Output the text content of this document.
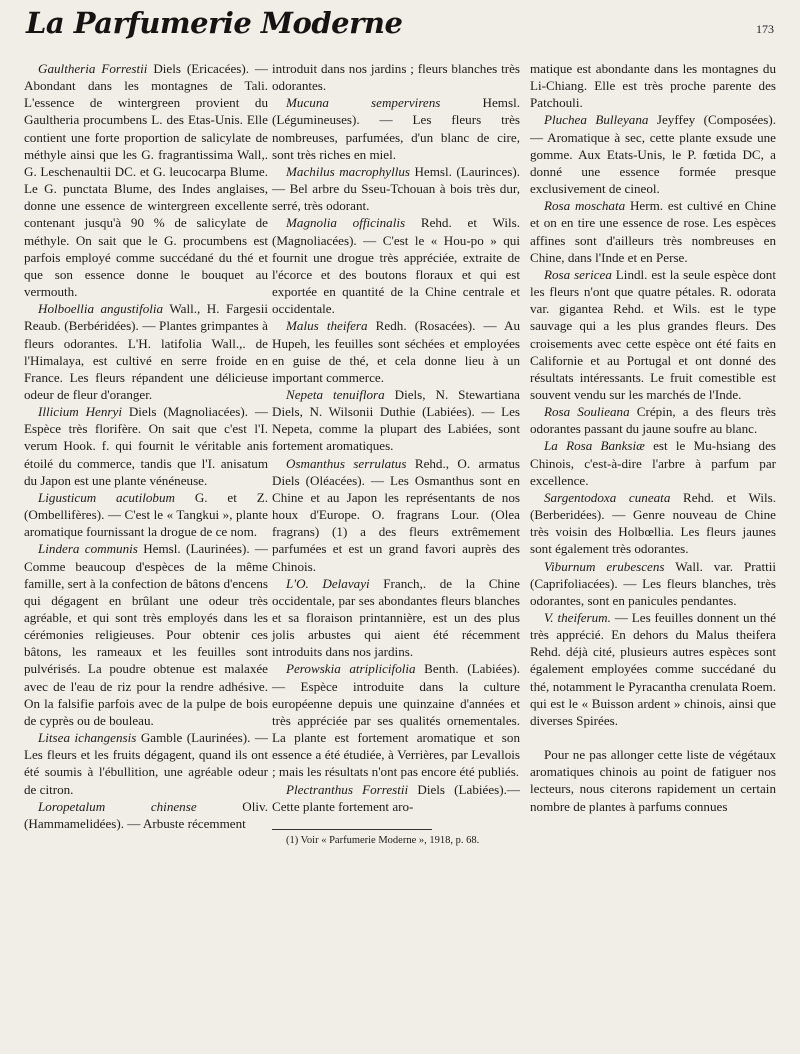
La Parfumerie Moderne	173

Gaultheria Forrestii Diels (Ericacées). — Abondant dans les montagnes de Tali. L'essence de wintergreen provient du Gaultheria procumbens L. des Etas-Unis. Elle contient une forte proportion de salicylate de méthyle ainsi que les G. fragrantissima Wall,. G. Leschenaultii DC. et G. leucocarpa Blume. Le G. punctata Blume, des Indes anglaises, donne une essence de wintergreen excellente contenant jusqu'à 90 % de salicylate de méthyle. On sait que le G. procumbens est parfois employé comme succédané du thé et que son essence donne le bouquet au vermouth.

Holboellia angustifolia Wall., H. Fargesii Reaub. (Berbéridées). — Plantes grimpantes à fleurs odorantes. L'H. latifolia Wall.,. de l'Himalaya, est cultivé en serre froide en France. Les fleurs répandent une délicieuse odeur de fleur d'oranger.

Illicium Henryi Diels (Magnoliacées). — Espèce très florifère. On sait que c'est l'I. verum Hook. f. qui fournit le véritable anis étoilé du commerce, tandis que l'I. anisatum du Japon est une plante vénéneuse.

Ligusticum acutilobum G. et Z. (Ombellifères). — C'est le « Tangkui », plante aromatique fournissant la drogue de ce nom.

Lindera communis Hemsl. (Laurinées). — Comme beaucoup d'espèces de la même famille, sert à la confection de bâtons d'encens qui dégagent en brûlant une odeur très agréable, et qui sont très employés dans les cérémonies religieuses. Pour obtenir ces bâtons, les rameaux et les feuilles sont pulvérisés. La poudre obtenue est malaxée avec de l'eau de riz pour la rendre adhésive. On la falsifie parfois avec de la pulpe de bois de cyprès ou de bouleau.

Litsea ichangensis Gamble (Laurinées). — Les fleurs et les fruits dégagent, quand ils ont été soumis à l'ébullition, une agréable odeur de citron.

Loropetalum chinense Oliv. (Hammamelidées). — Arbuste récemment

introduit dans nos jardins ; fleurs blanches très odorantes.

Mucuna sempervirens Hemsl. (Légumineuses). — Les fleurs très nombreuses, parfumées, d'un blanc de cire, sont très riches en miel.

Machilus macrophyllus Hemsl. (Laurinces). — Bel arbre du Sseu-Tchouan à bois très dur, serré, très odorant.

Magnolia officinalis Rehd. et Wils. (Magnoliacées). — C'est le « Hou-po » qui fournit une drogue très appréciée, extraite de l'écorce et des boutons floraux et qui est exportée en quantité de la Chine centrale et occidentale.

Malus theifera Redh. (Rosacées). — Au Hupeh, les feuilles sont séchées et employées en guise de thé, et cela donne lieu à un important commerce.

Nepeta tenuiflora Diels, N. Stewartiana Diels, N. Wilsonii Duthie (Labiées). — Les Nepeta, comme la plupart des Labiées, sont fortement aromatiques.

Osmanthus serrulatus Rehd., O. armatus Diels (Oléacées). — Les Osmanthus sont en Chine et au Japon les représentants de nos houx d'Europe. O. fragrans Lour. (Olea fragrans) (1) a des fleurs extrêmement parfumées et est un grand favori auprès des Chinois.

L'O. Delavayi Franch,. de la Chine occidentale, par ses abondantes fleurs blanches et sa floraison printannière, est un des plus jolis arbustes qui aient été récemment introduits dans nos jardins.

Perowskia atriplicifolia Benth. (Labiées). — Espèce introduite dans la culture européenne depuis une quinzaine d'années et très appréciée par ses qualités ornementales. La plante est fortement aromatique et son essence a été étudiée, à Verrières, par Levallois ; mais les résultats n'ont pas encore été publiés.

Plectranthus Forrestii Diels (Labiées).—Cette plante fortement aro-

(1) Voir « Parfumerie Moderne », 1918, p. 68.

matique est abondante dans les montagnes du Li-Chiang. Elle est très proche parente des Patchouli.

Pluchea Bulleyana Jeyffey (Composées). — Aromatique à sec, cette plante exsude une gomme. Aux Etats-Unis, le P. fœtida DC, a donné une essence formée presque exclusivement de cineol.

Rosa moschata Herm. est cultivé en Chine et on en tire une essence de rose. Les espèces affines sont d'ailleurs très nombreuses en Chine, dans l'Inde et en Perse.

Rosa sericea Lindl. est la seule espèce dont les fleurs n'ont que quatre pétales. R. odorata var. gigantea Rehd. et Wils. est le type sauvage qui a les plus grandes fleurs. Des croisements avec cette espèce ont été faits en Californie et au Portugal et ont donné des résultats intéressants. Le fruit comestible est souvent vendu sur les marchés de l'Inde.

Rosa Soulieana Crépin, a des fleurs très odorantes passant du jaune soufre au blanc.

La Rosa Banksiæ est le Mu-hsiang des Chinois, c'est-à-dire l'arbre à parfum par excellence.

Sargentodoxa cuneata Rehd. et Wils. (Berberidées). — Genre nouveau de Chine très voisin des Holbœllia. Les fleurs jaunes sont également très odorantes.

Viburnum erubescens Wall. var. Prattii (Caprifoliacées). — Les fleurs blanches, très odorantes, sont en panicules pendantes.

V. theiferum. — Les feuilles donnent un thé très apprécié. En dehors du Malus theifera Rehd. déjà cité, plusieurs autres espèces sont également employées comme succédané du thé, notamment le Pyracantha crenulata Roem. qui est le « Buisson ardent » chinois, ainsi que diverses Spirées.

Pour ne pas allonger cette liste de végétaux aromatiques chinois au point de fatiguer nos lecteurs, nous citerons rapidement un certain nombre de plantes à parfums connues
